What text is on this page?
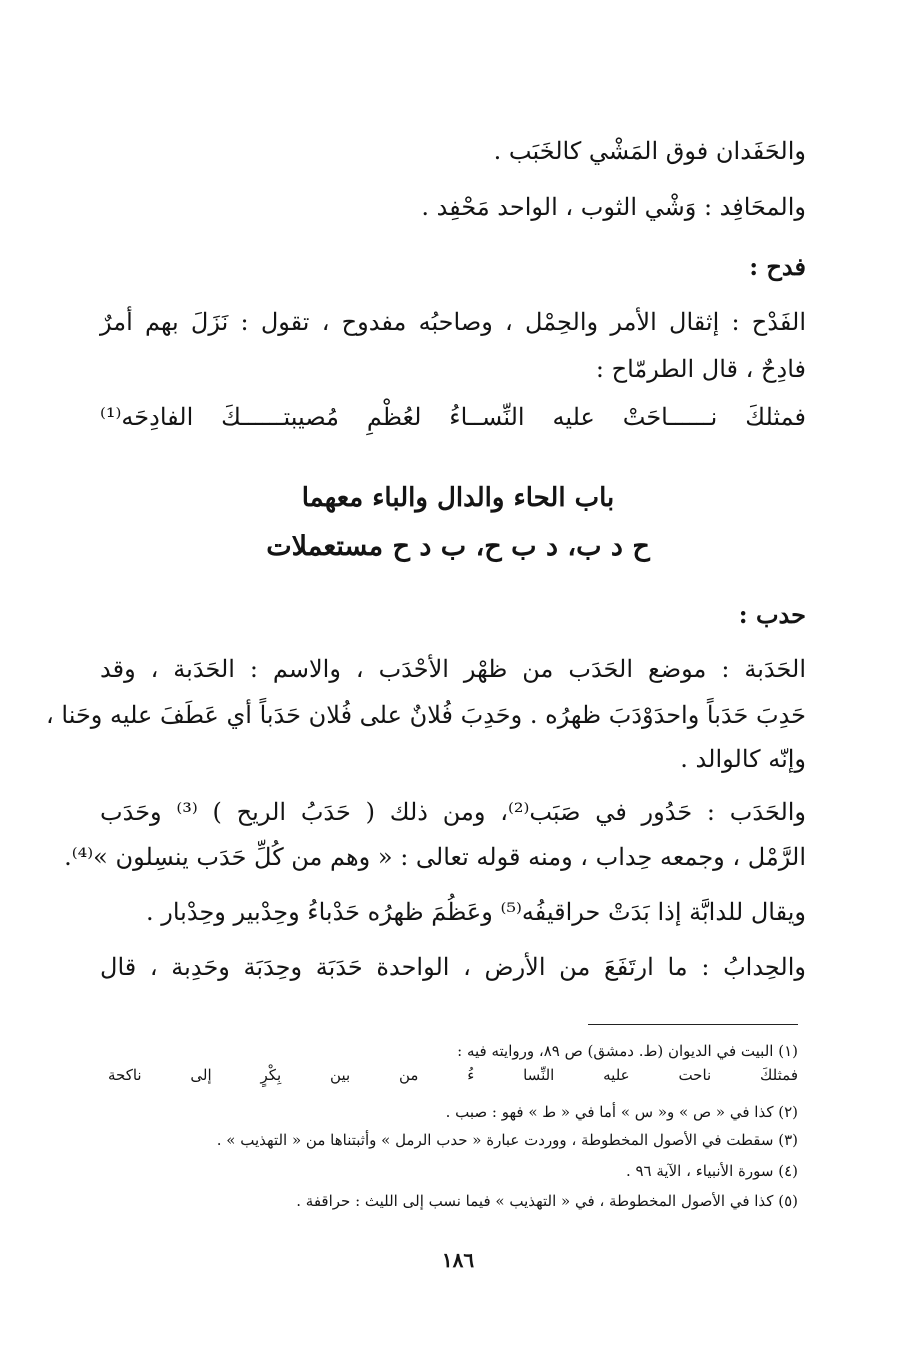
والحَفَدان فوق المَشْي كالخَبَب .
والمحَافِد : وَشْي الثوب ، الواحد مَحْفِد .
فدح :
الفَدْح : إثقال الأمر والحِمْل ، وصاحبُه مفدوح ، تقول : نَزَلَ بهم أمرٌ
فادِحٌ ، قال الطرمّاح :
فمثلكَ نــــــاحَتْ عليه النِّســاءُ لعُظْمِ مُصيبتــــــكَ الفادِحَه⁽¹⁾
باب الحاء والدال والباء معهما
ح د ب، د ب ح، ب د ح مستعملات
حدب :
الحَدَبة : موضع الحَدَب من ظهْر الأحْدَب ، والاسم : الحَدَبة ، وقد
حَدِبَ حَدَباً واحدَوْدَبَ ظهرُه . وحَدِبَ فُلانٌ على فُلان حَدَباً أي عَطَفَ عليه وحَنا ،
وإنّه كالوالد .
والحَدَب : حَدُور في صَبَب⁽²⁾، ومن ذلك ( حَدَبُ الريح ) ⁽³⁾ وحَدَب
الرَّمْل ، وجمعه حِداب ، ومنه قوله تعالى : « وهم من كُلِّ حَدَب ينسِلون »⁽⁴⁾.
ويقال للدابَّة إذا بَدَتْ حراقيفُه⁽⁵⁾ وعَظُمَ ظهرُه حَدْباءُ وحِدْبير وحِدْبار .
والحِدابُ : ما ارتَفَعَ من الأرض ، الواحدة حَدَبَة وحِدَبَة وحَدِبة ، قال
(١) البيت في الديوان (ط. دمشق) ص ٨٩، وروايته فيه :
فمثلكَ ناحت عليه النِّسا ءُ من بين بِكْرٍ إلى ناكحة
(٢) كذا في « ص » و« س » أما في « ط » فهو : صبب .
(٣) سقطت في الأصول المخطوطة ، ووردت عبارة « حدب الرمل » وأثبتناها من « التهذيب » .
(٤) سورة الأنبياء ، الآية ٩٦ .
(٥) كذا في الأصول المخطوطة ، في « التهذيب » فيما نسب إلى الليث : حراقفة .
١٨٦
